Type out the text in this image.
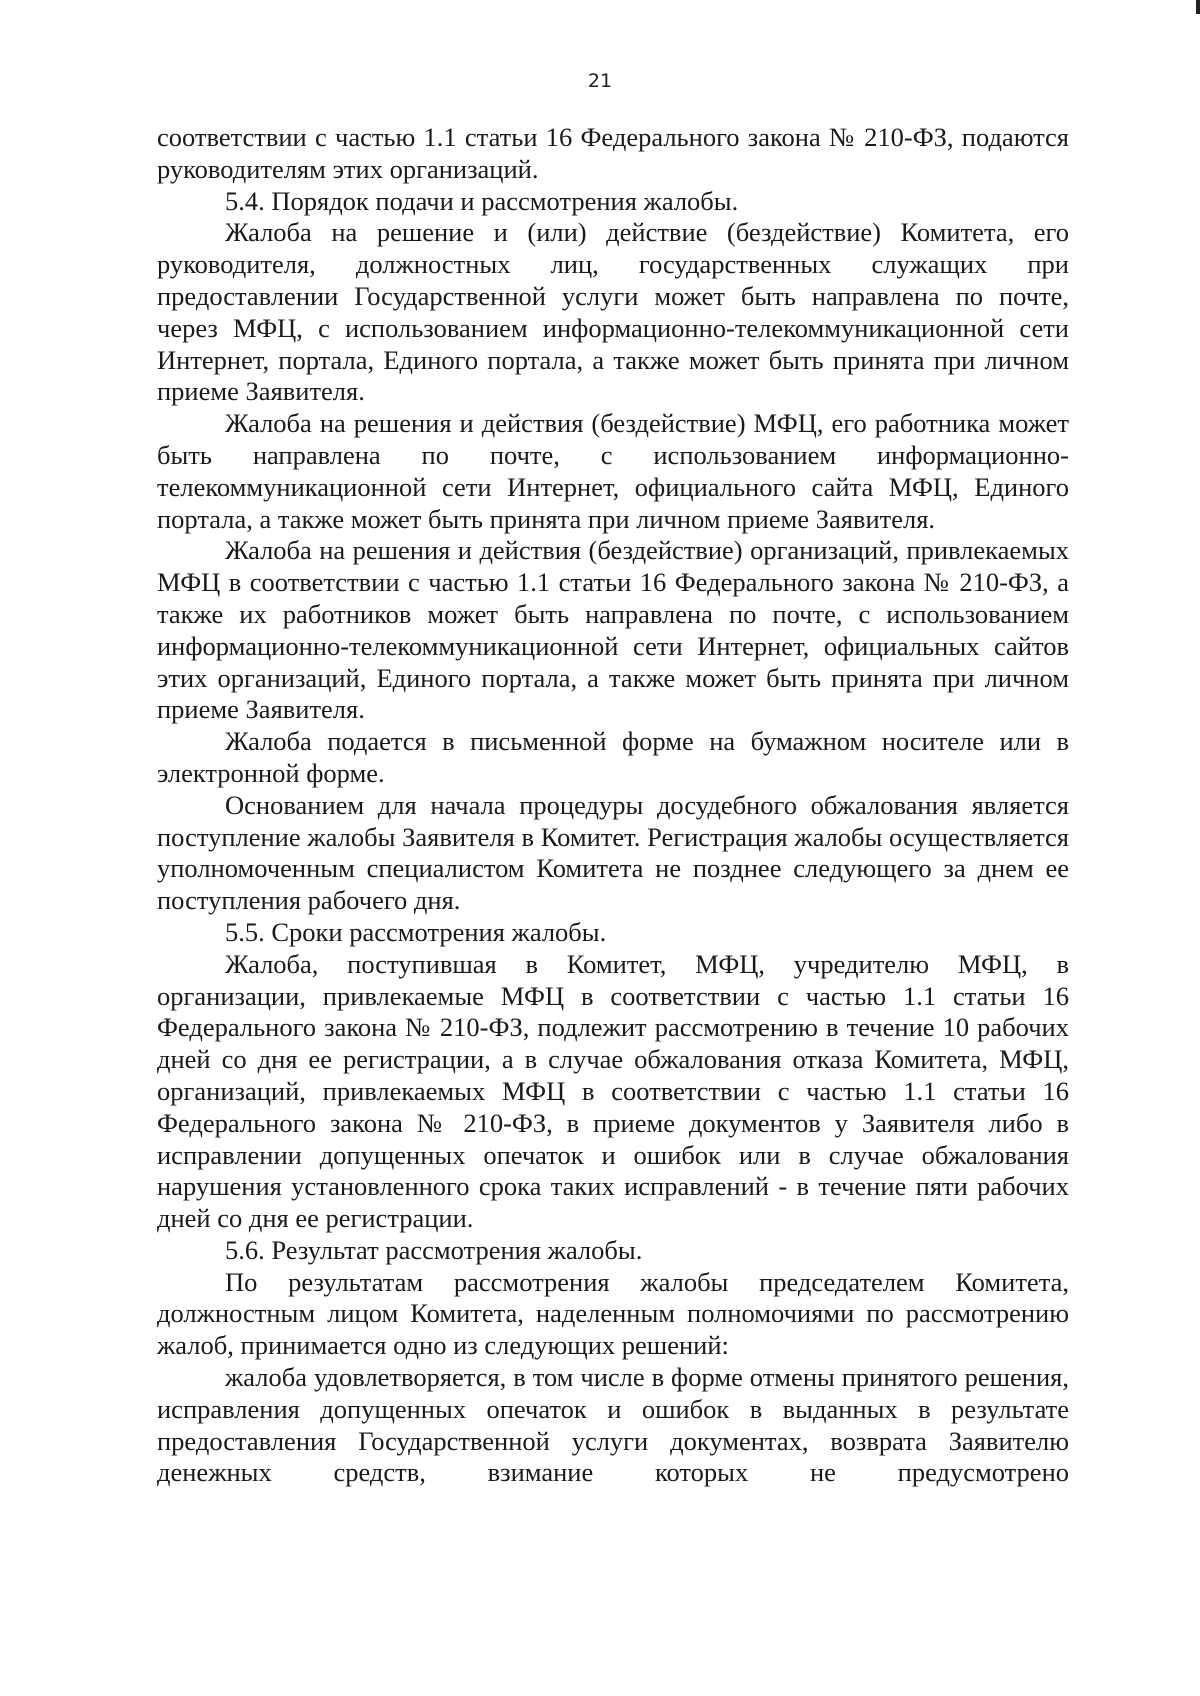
21

соответствии с частью 1.1 статьи 16 Федерального закона № 210-ФЗ, подаются руководителям этих организаций.

5.4. Порядок подачи и рассмотрения жалобы.

Жалоба на решение и (или) действие (бездействие) Комитета, его руководителя, должностных лиц, государственных служащих при предоставлении Государственной услуги может быть направлена по почте, через МФЦ, с использованием информационно-телекоммуникационной сети Интернет, портала, Единого портала, а также может быть принята при личном приеме Заявителя.

Жалоба на решения и действия (бездействие) МФЦ, его работника может быть направлена по почте, с использованием информационно-телекоммуникационной сети Интернет, официального сайта МФЦ, Единого портала, а также может быть принята при личном приеме Заявителя.

Жалоба на решения и действия (бездействие) организаций, привлекаемых МФЦ в соответствии с частью 1.1 статьи 16 Федерального закона № 210-ФЗ, а также их работников может быть направлена по почте, с использованием информационно-телекоммуникационной сети Интернет, официальных сайтов этих организаций, Единого портала, а также может быть принята при личном приеме Заявителя.

Жалоба подается в письменной форме на бумажном носителе или в электронной форме.

Основанием для начала процедуры досудебного обжалования является поступление жалобы Заявителя в Комитет. Регистрация жалобы осуществляется уполномоченным специалистом Комитета не позднее следующего за днем ее поступления рабочего дня.

5.5. Сроки рассмотрения жалобы.

Жалоба, поступившая в Комитет, МФЦ, учредителю МФЦ, в организации, привлекаемые МФЦ в соответствии с частью 1.1 статьи 16 Федерального закона № 210-ФЗ, подлежит рассмотрению в течение 10 рабочих дней со дня ее регистрации, а в случае обжалования отказа Комитета, МФЦ, организаций, привлекаемых МФЦ в соответствии с частью 1.1 статьи 16 Федерального закона № 210-ФЗ, в приеме документов у Заявителя либо в исправлении допущенных опечаток и ошибок или в случае обжалования нарушения установленного срока таких исправлений - в течение пяти рабочих дней со дня ее регистрации.

5.6. Результат рассмотрения жалобы.

По результатам рассмотрения жалобы председателем Комитета, должностным лицом Комитета, наделенным полномочиями по рассмотрению жалоб, принимается одно из следующих решений:

жалоба удовлетворяется, в том числе в форме отмены принятого решения, исправления допущенных опечаток и ошибок в выданных в результате предоставления Государственной услуги документах, возврата Заявителю денежных средств, взимание которых не предусмотрено
